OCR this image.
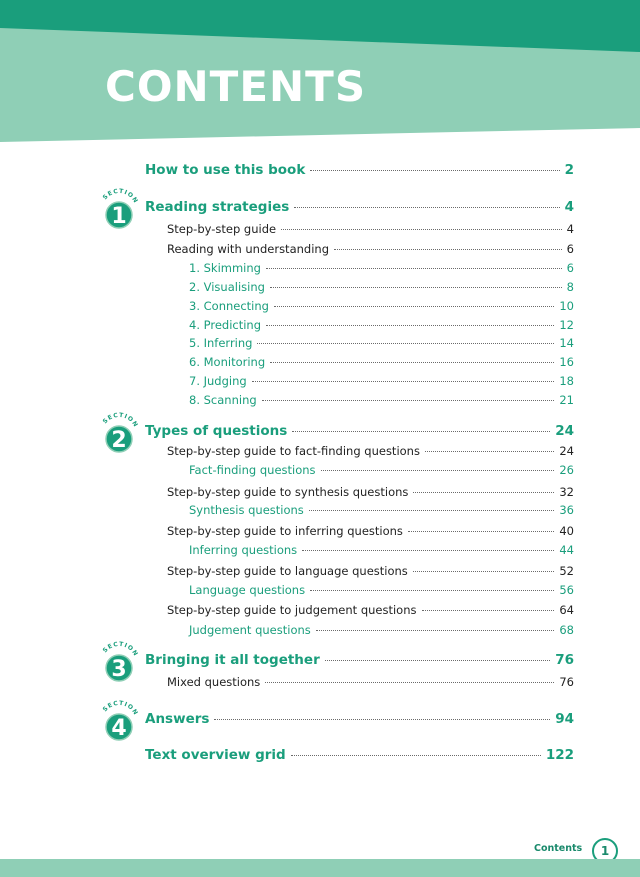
CONTENTS
How to use this book	2
SECTION
1 Reading strategies	4
Step-by-step guide	4
Reading with understanding	6
1. Skimming	6
2. Visualising	8
3. Connecting	10
4. Predicting	12
5. Inferring	14
6. Monitoring	16
7. Judging	18
8. Scanning	21
SECTION
2 Types of questions	24
Step-by-step guide to fact-finding questions	24
Fact-finding questions	26
Step-by-step guide to synthesis questions	32
Synthesis questions	36
Step-by-step guide to inferring questions	40
Inferring questions	44
Step-by-step guide to language questions	52
Language questions	56
Step-by-step guide to judgement questions	64
Judgement questions	68
SECTION
3 Bringing it all together	76
Mixed questions	76
SECTION
4 Answers	94
Text overview grid	122
Contents	1
